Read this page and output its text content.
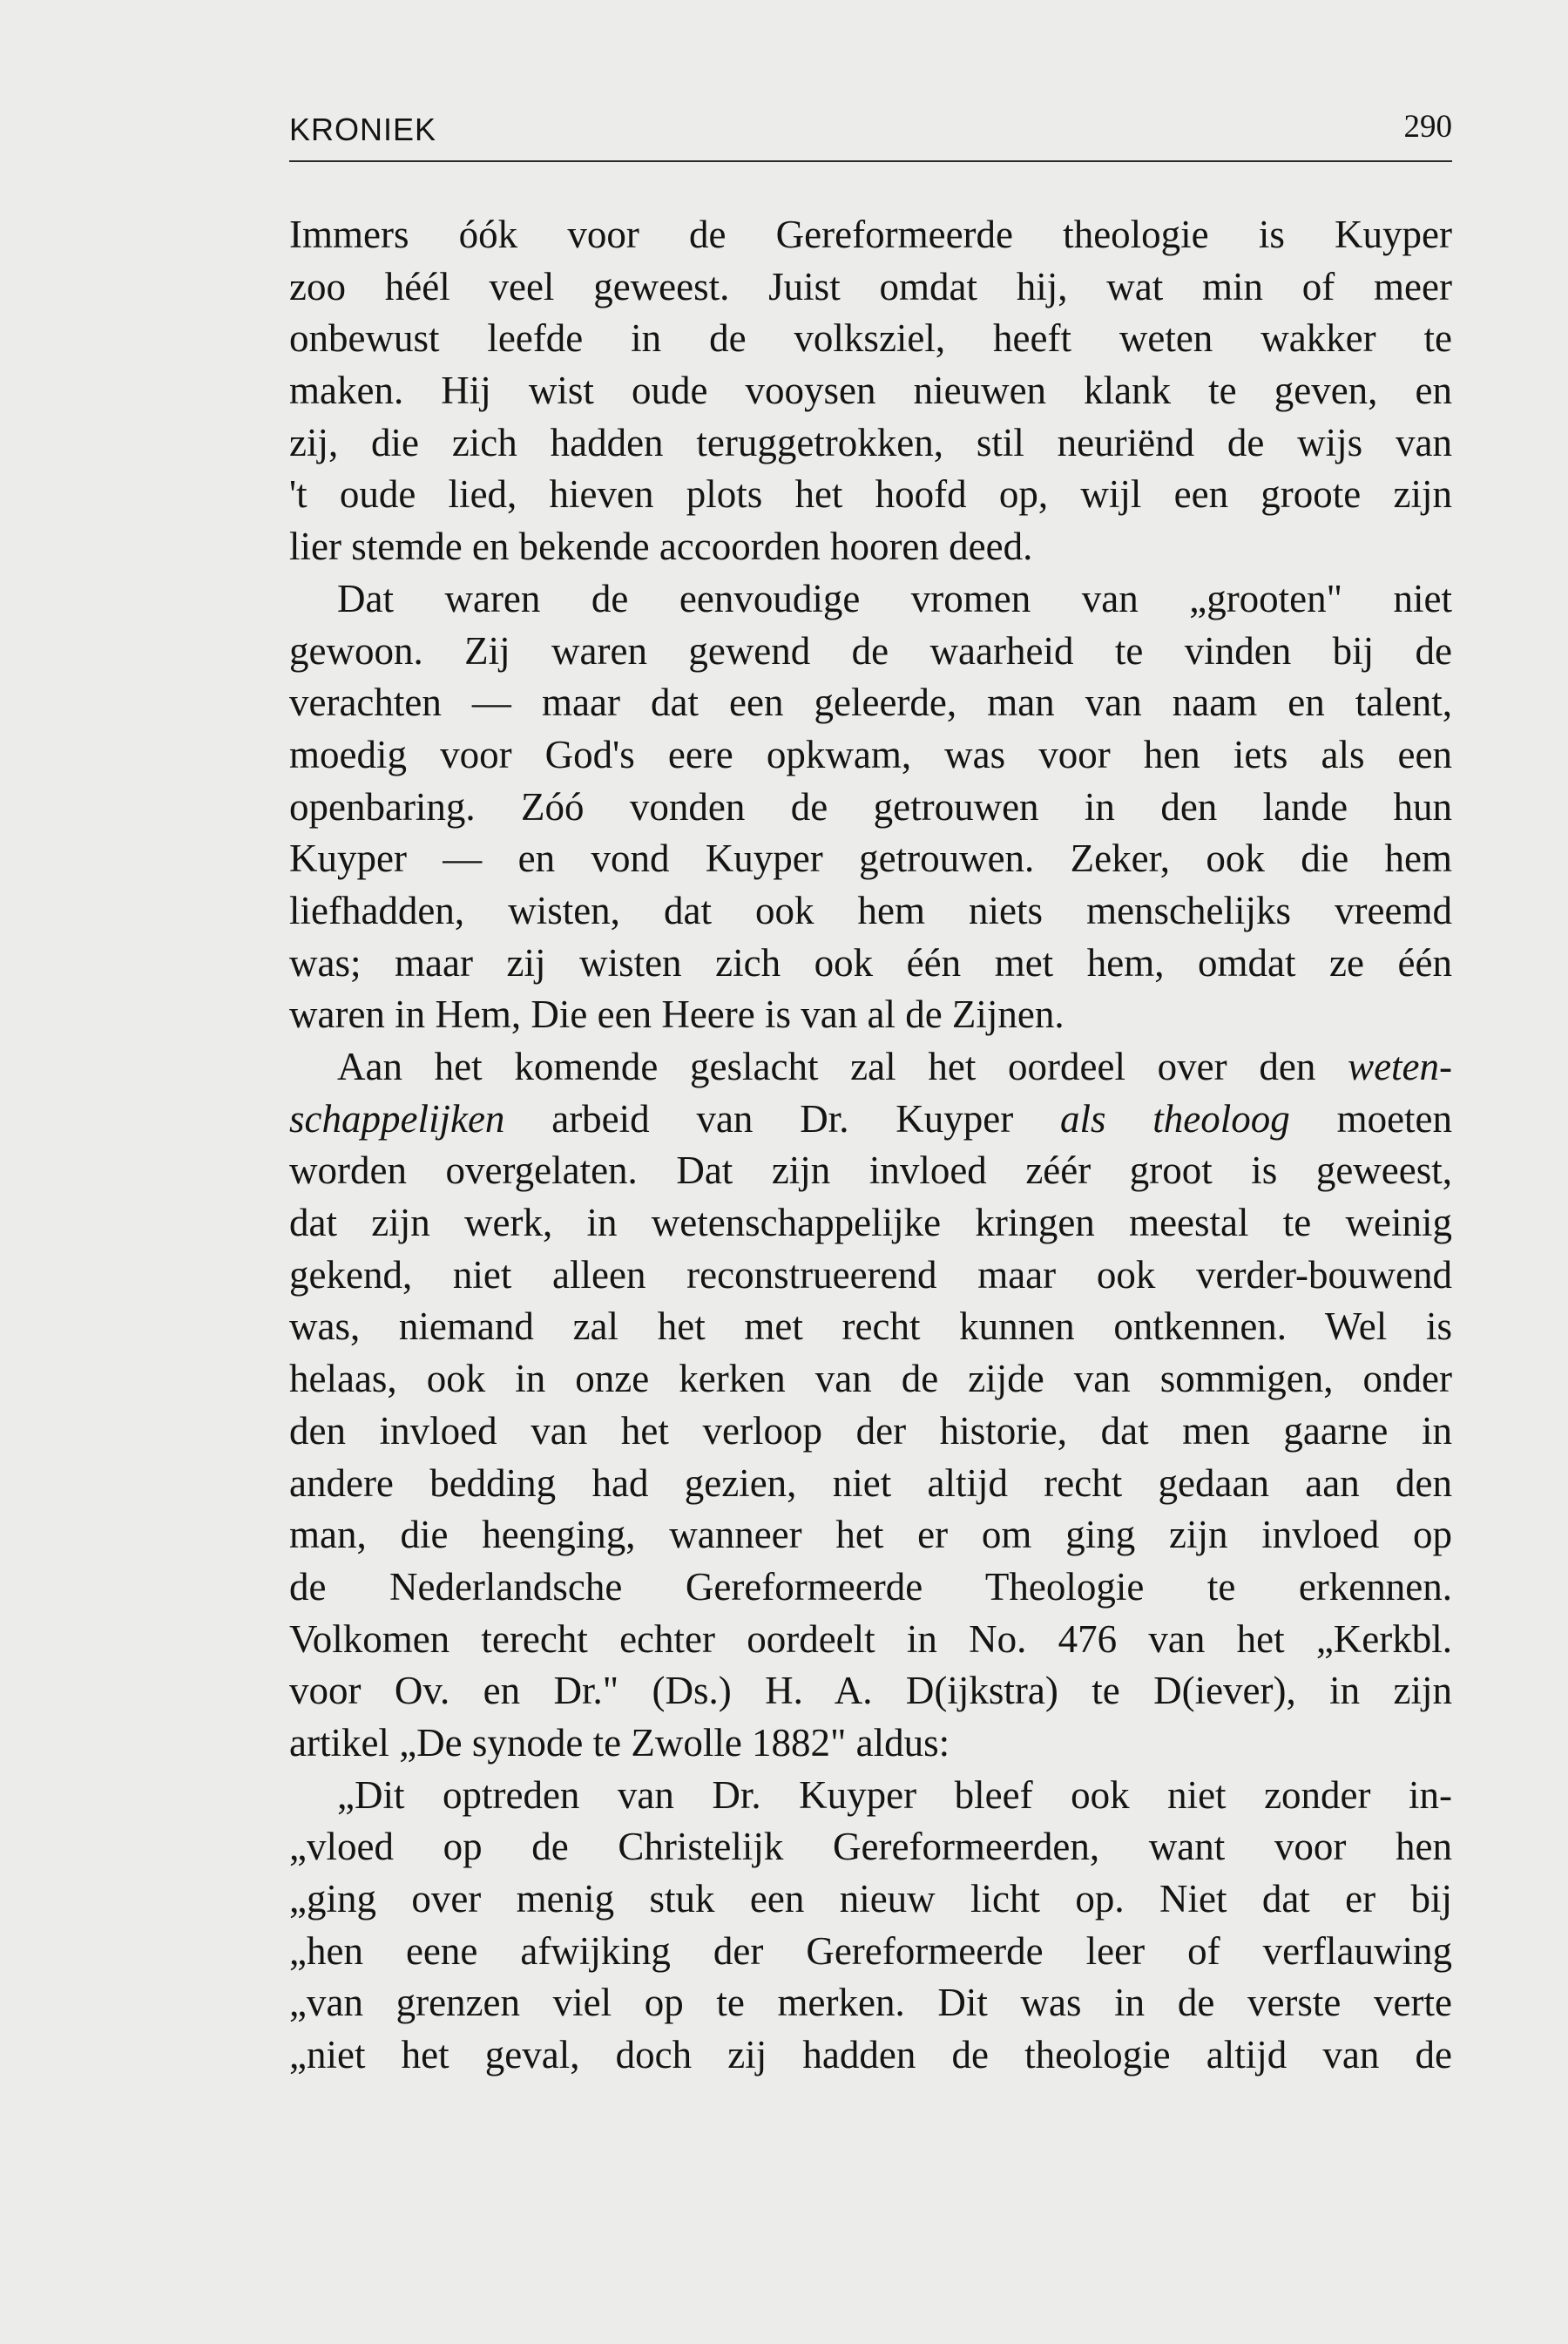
KRONIEK	290
Immers óók voor de Gereformeerde theologie is Kuyper
zoo héél veel geweest. Juist omdat hij, wat min of meer
onbewust leefde in de volksziel, heeft weten wakker te
maken. Hij wist oude vooysen nieuwen klank te geven, en
zij, die zich hadden teruggetrokken, stil neuriënd de wijs van
't oude lied, hieven plots het hoofd op, wijl een groote zijn
lier stemde en bekende accoorden hooren deed.
Dat waren de eenvoudige vromen van „grooten" niet
gewoon. Zij waren gewend de waarheid te vinden bij de
verachten — maar dat een geleerde, man van naam en talent,
moedig voor God's eere opkwam, was voor hen iets als een
openbaring. Zóó vonden de getrouwen in den lande hun
Kuyper — en vond Kuyper getrouwen. Zeker, ook die hem
liefhadden, wisten, dat ook hem niets menschelijks vreemd
was; maar zij wisten zich ook één met hem, omdat ze één
waren in Hem, Die een Heere is van al de Zijnen.
Aan het komende geslacht zal het oordeel over den weten-
schappelijken arbeid van Dr. Kuyper als theoloog moeten
worden overgelaten. Dat zijn invloed zéér groot is geweest,
dat zijn werk, in wetenschappelijke kringen meestal te weinig
gekend, niet alleen reconstrueerend maar ook verder-bouwend
was, niemand zal het met recht kunnen ontkennen. Wel is
helaas, ook in onze kerken van de zijde van sommigen, onder
den invloed van het verloop der historie, dat men gaarne in
andere bedding had gezien, niet altijd recht gedaan aan den
man, die heenging, wanneer het er om ging zijn invloed op
de Nederlandsche Gereformeerde Theologie te erkennen.
Volkomen terecht echter oordeelt in No. 476 van het „Kerkbl.
voor Ov. en Dr." (Ds.) H. A. D(ijkstra) te D(iever), in zijn
artikel „De synode te Zwolle 1882" aldus:
„Dit optreden van Dr. Kuyper bleef ook niet zonder in-
„vloed op de Christelijk Gereformeerden, want voor hen
„ging over menig stuk een nieuw licht op. Niet dat er bij
„hen eene afwijking der Gereformeerde leer of verflauwing
„van grenzen viel op te merken. Dit was in de verste verte
„niet het geval, doch zij hadden de theologie altijd van de
